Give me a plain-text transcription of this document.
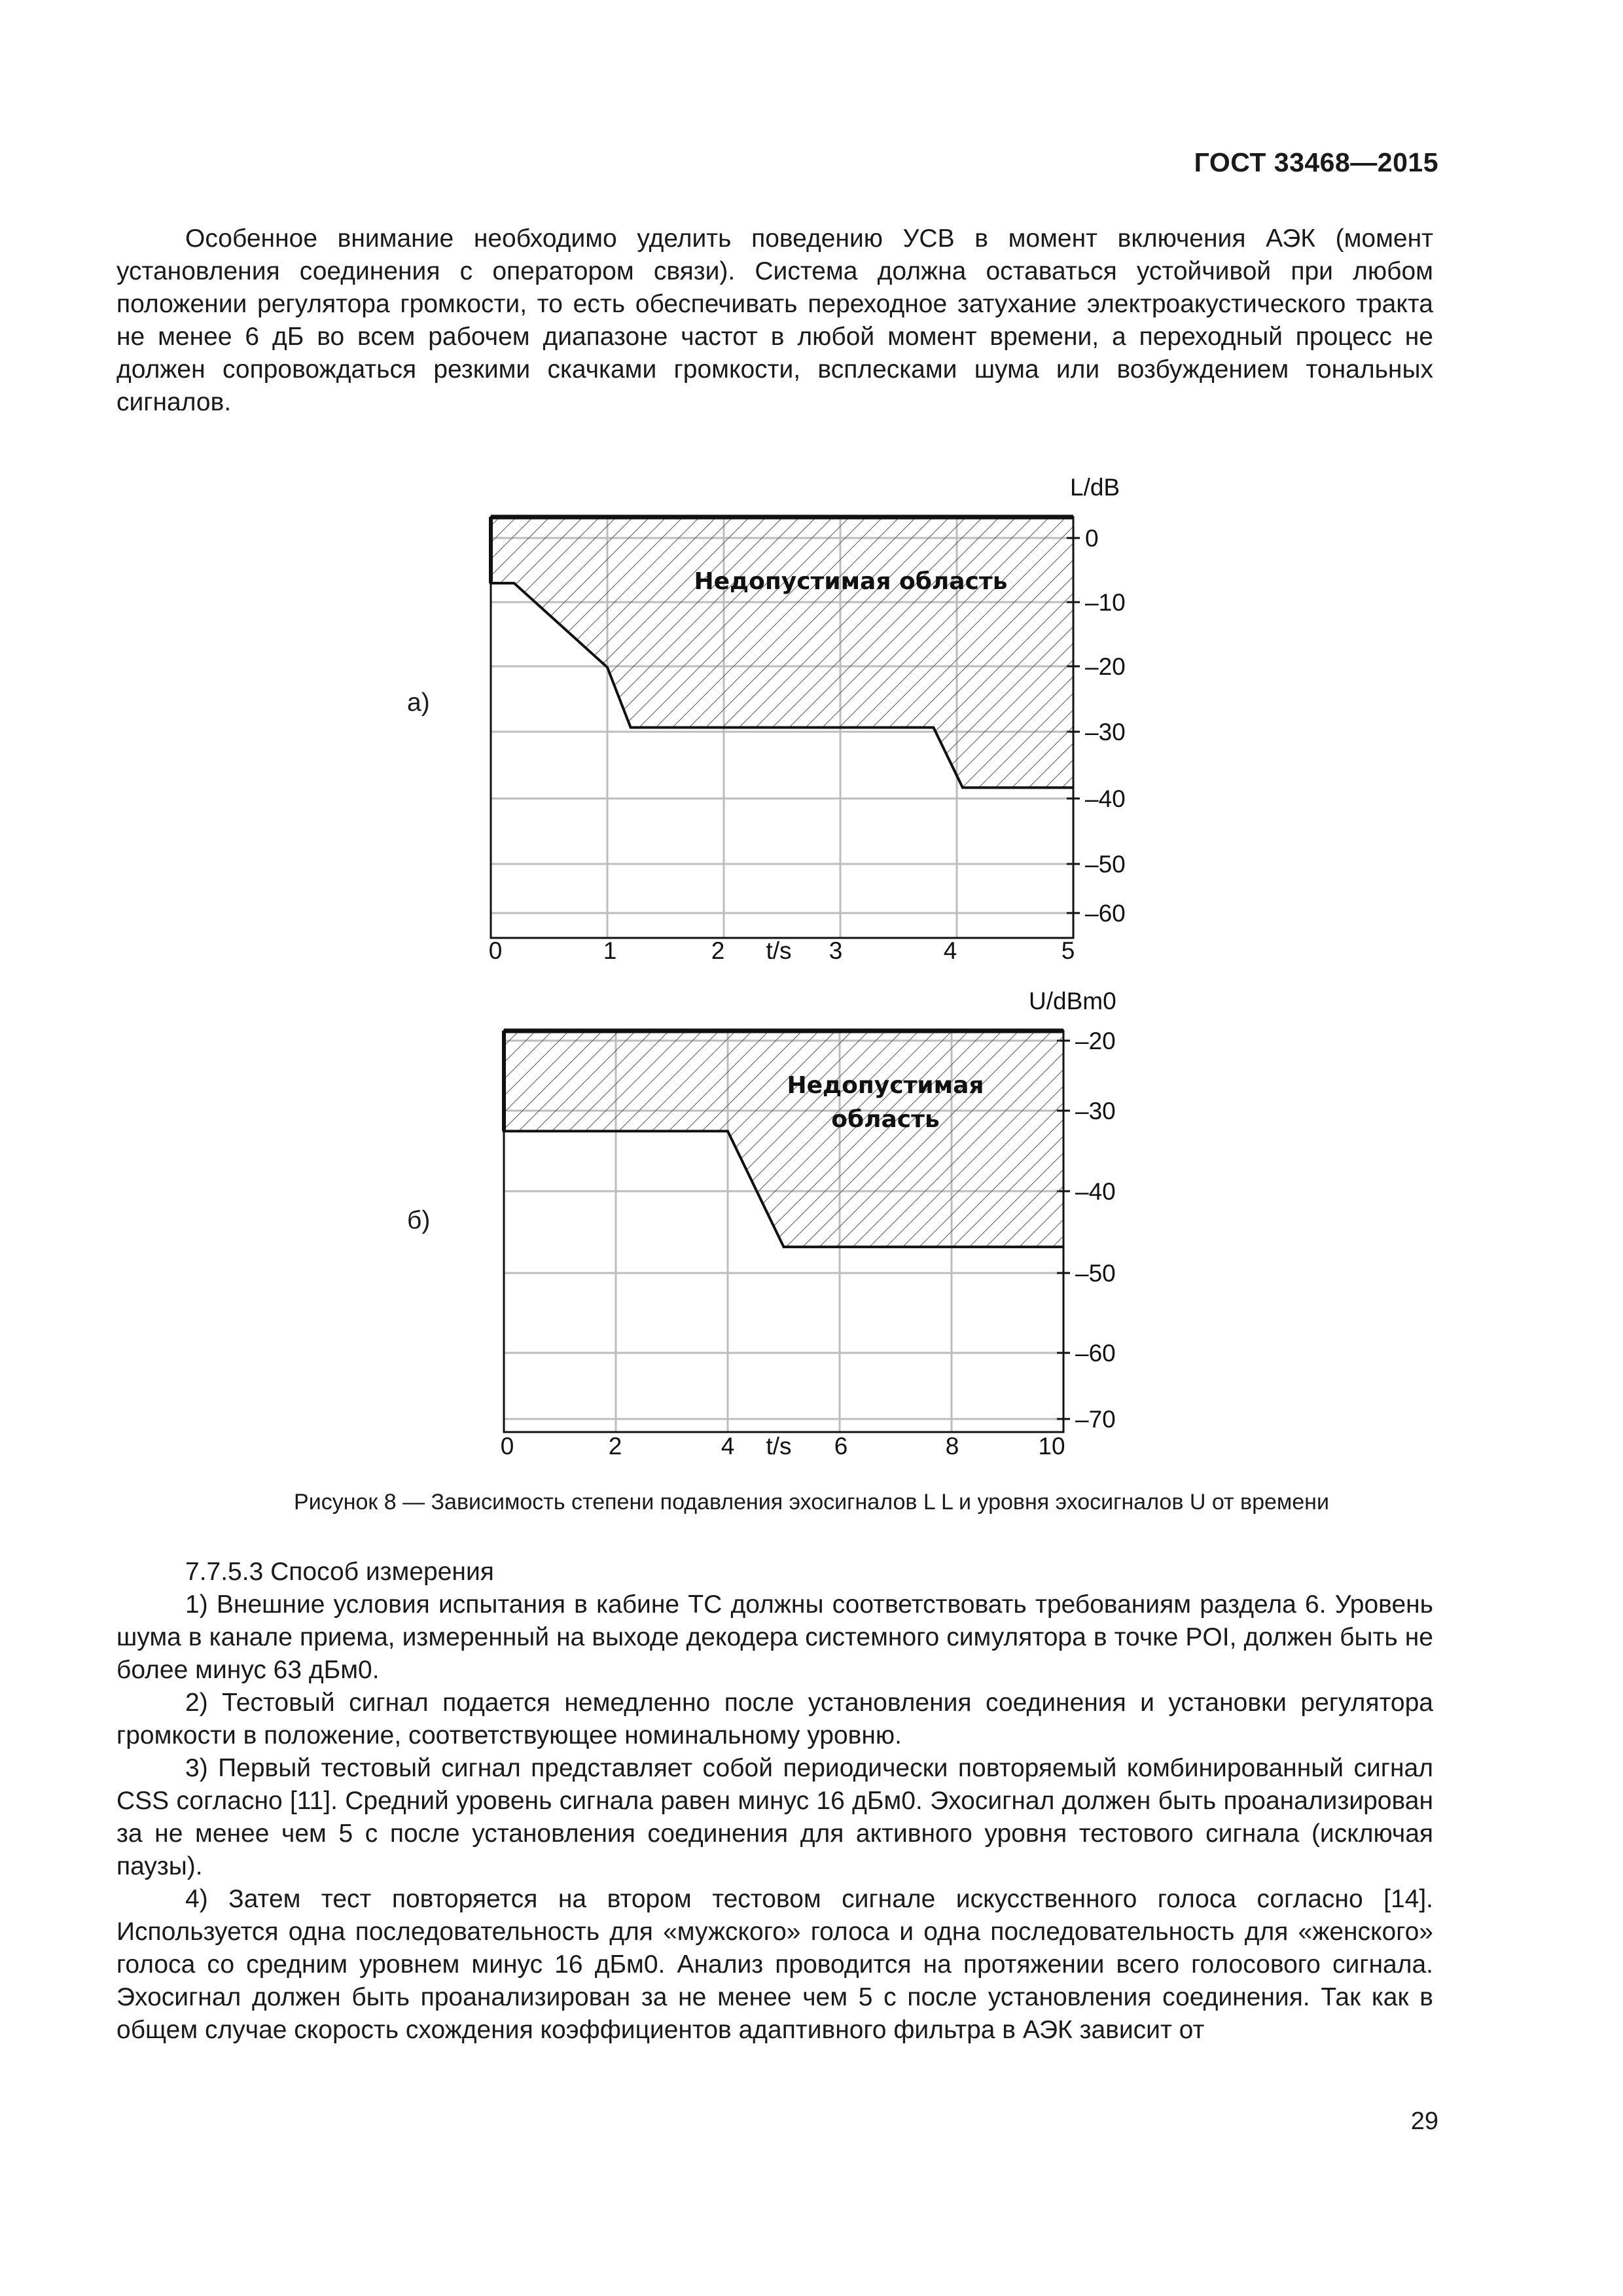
ГОСТ 33468—2015
Особенное внимание необходимо уделить поведению УСВ в момент включения АЭК (момент установления соединения с оператором связи). Система должна оставаться устойчивой при любом положении регулятора громкости, то есть обеспечивать переходное затухание электроакустического тракта не менее 6 дБ во всем рабочем диапазоне частот в любой момент времени, а переходный процесс не должен сопровождаться резкими скачками громкости, всплесками шума или возбуждением тональных сигналов.
а)
б)
Недопустимая область
0
–10
–20
–30
–40
–50
–60
0	1	2	3	4	5
t/s
L/dB
Недопустимая
область
–20
–30
–40
–50
–60
–70
0	2	4	6	8	10
t/s
U/dBm0
Рисунок 8 — Зависимость степени подавления эхосигналов L L и уровня эхосигналов U от времени
7.7.5.3 Способ измерения
1) Внешние условия испытания в кабине ТС должны соответствовать требованиям раздела 6. Уровень шума в канале приема, измеренный на выходе декодера системного симулятора в точке POI, должен быть не более минус 63 дБм0.
2) Тестовый сигнал подается немедленно после установления соединения и установки регулятора громкости в положение, соответствующее номинальному уровню.
3) Первый тестовый сигнал представляет собой периодически повторяемый комбинированный сигнал CSS согласно [11]. Средний уровень сигнала равен минус 16 дБм0. Эхосигнал должен быть проанализирован за не менее чем 5 с после установления соединения для активного уровня тестового сигнала (исключая паузы).
4) Затем тест повторяется на втором тестовом сигнале искусственного голоса согласно [14]. Используется одна последовательность для «мужского» голоса и одна последовательность для «женского» голоса со средним уровнем минус 16 дБм0. Анализ проводится на протяжении всего голосового сигнала. Эхосигнал должен быть проанализирован за не менее чем 5 с после установления соединения. Так как в общем случае скорость схождения коэффициентов адаптивного фильтра в АЭК зависит от
29
